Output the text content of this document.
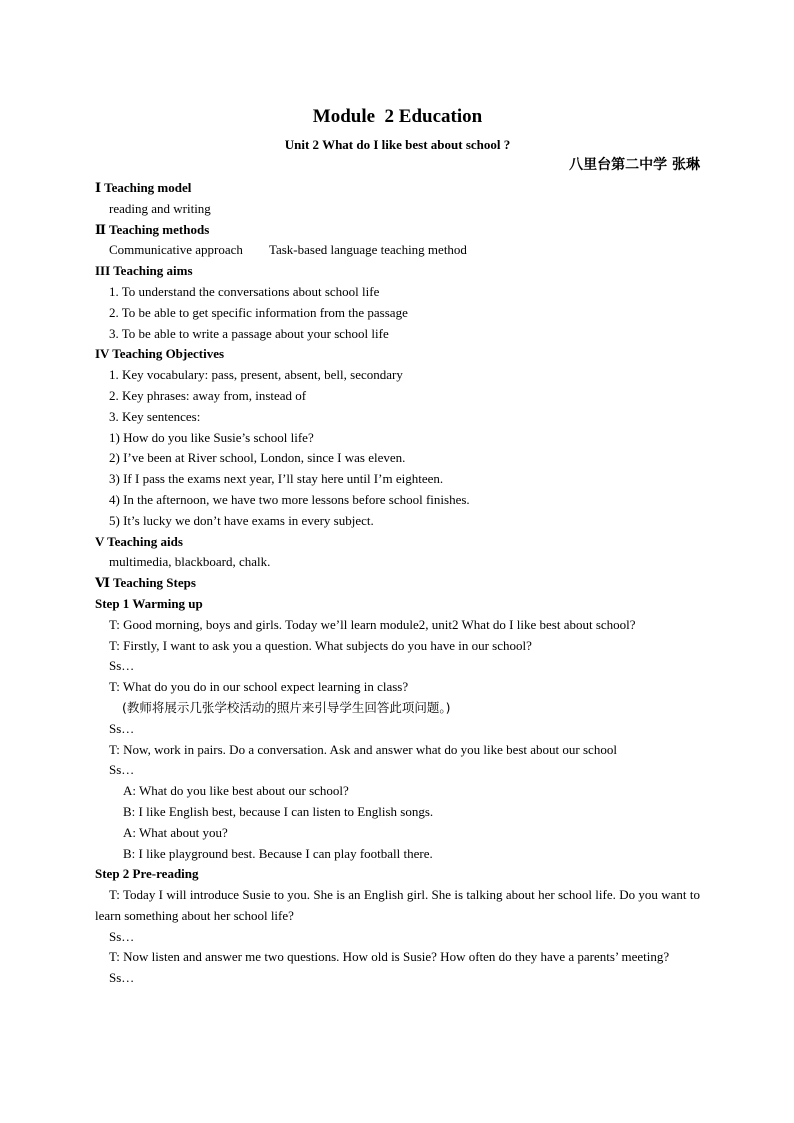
Module  2 Education
Unit 2 What do I like best about school ?
八里台第二中学 张琳
Ⅰ Teaching model
reading and writing
Ⅱ Teaching methods
Communicative approach Task-based language teaching method
III Teaching aims
1. To understand the conversations about school life
2. To be able to get specific information from the passage
3. To be able to write a passage about your school life
IV Teaching Objectives
1. Key vocabulary: pass, present, absent, bell, secondary
2. Key phrases: away from, instead of
3. Key sentences:
1) How do you like Susie’s school life?
2) I’ve been at River school, London, since I was eleven.
3) If I pass the exams next year, I’ll stay here until I’m eighteen.
4) In the afternoon, we have two more lessons before school finishes.
5) It’s lucky we don’t have exams in every subject.
V Teaching aids
multimedia, blackboard, chalk.
Ⅵ Teaching Steps
Step 1 Warming up
T: Good morning, boys and girls. Today we’ll learn module2, unit2 What do I like best about school?
T: Firstly, I want to ask you a question. What subjects do you have in our school?
Ss…
T: What do you do in our school expect learning in class?
(教师将展示几张学校活动的照片来引导学生回答此项问题。)
Ss…
T: Now, work in pairs. Do a conversation. Ask and answer what do you like best about our school
Ss…
A: What do you like best about our school?
B: I like English best, because I can listen to English songs.
A: What about you?
B: I like playground best. Because I can play football there.
Step 2 Pre-reading
T: Today I will introduce Susie to you. She is an English girl. She is talking about her school life. Do you want to learn something about her school life?
Ss…
T: Now listen and answer me two questions. How old is Susie? How often do they have a parents’ meeting?
Ss…
